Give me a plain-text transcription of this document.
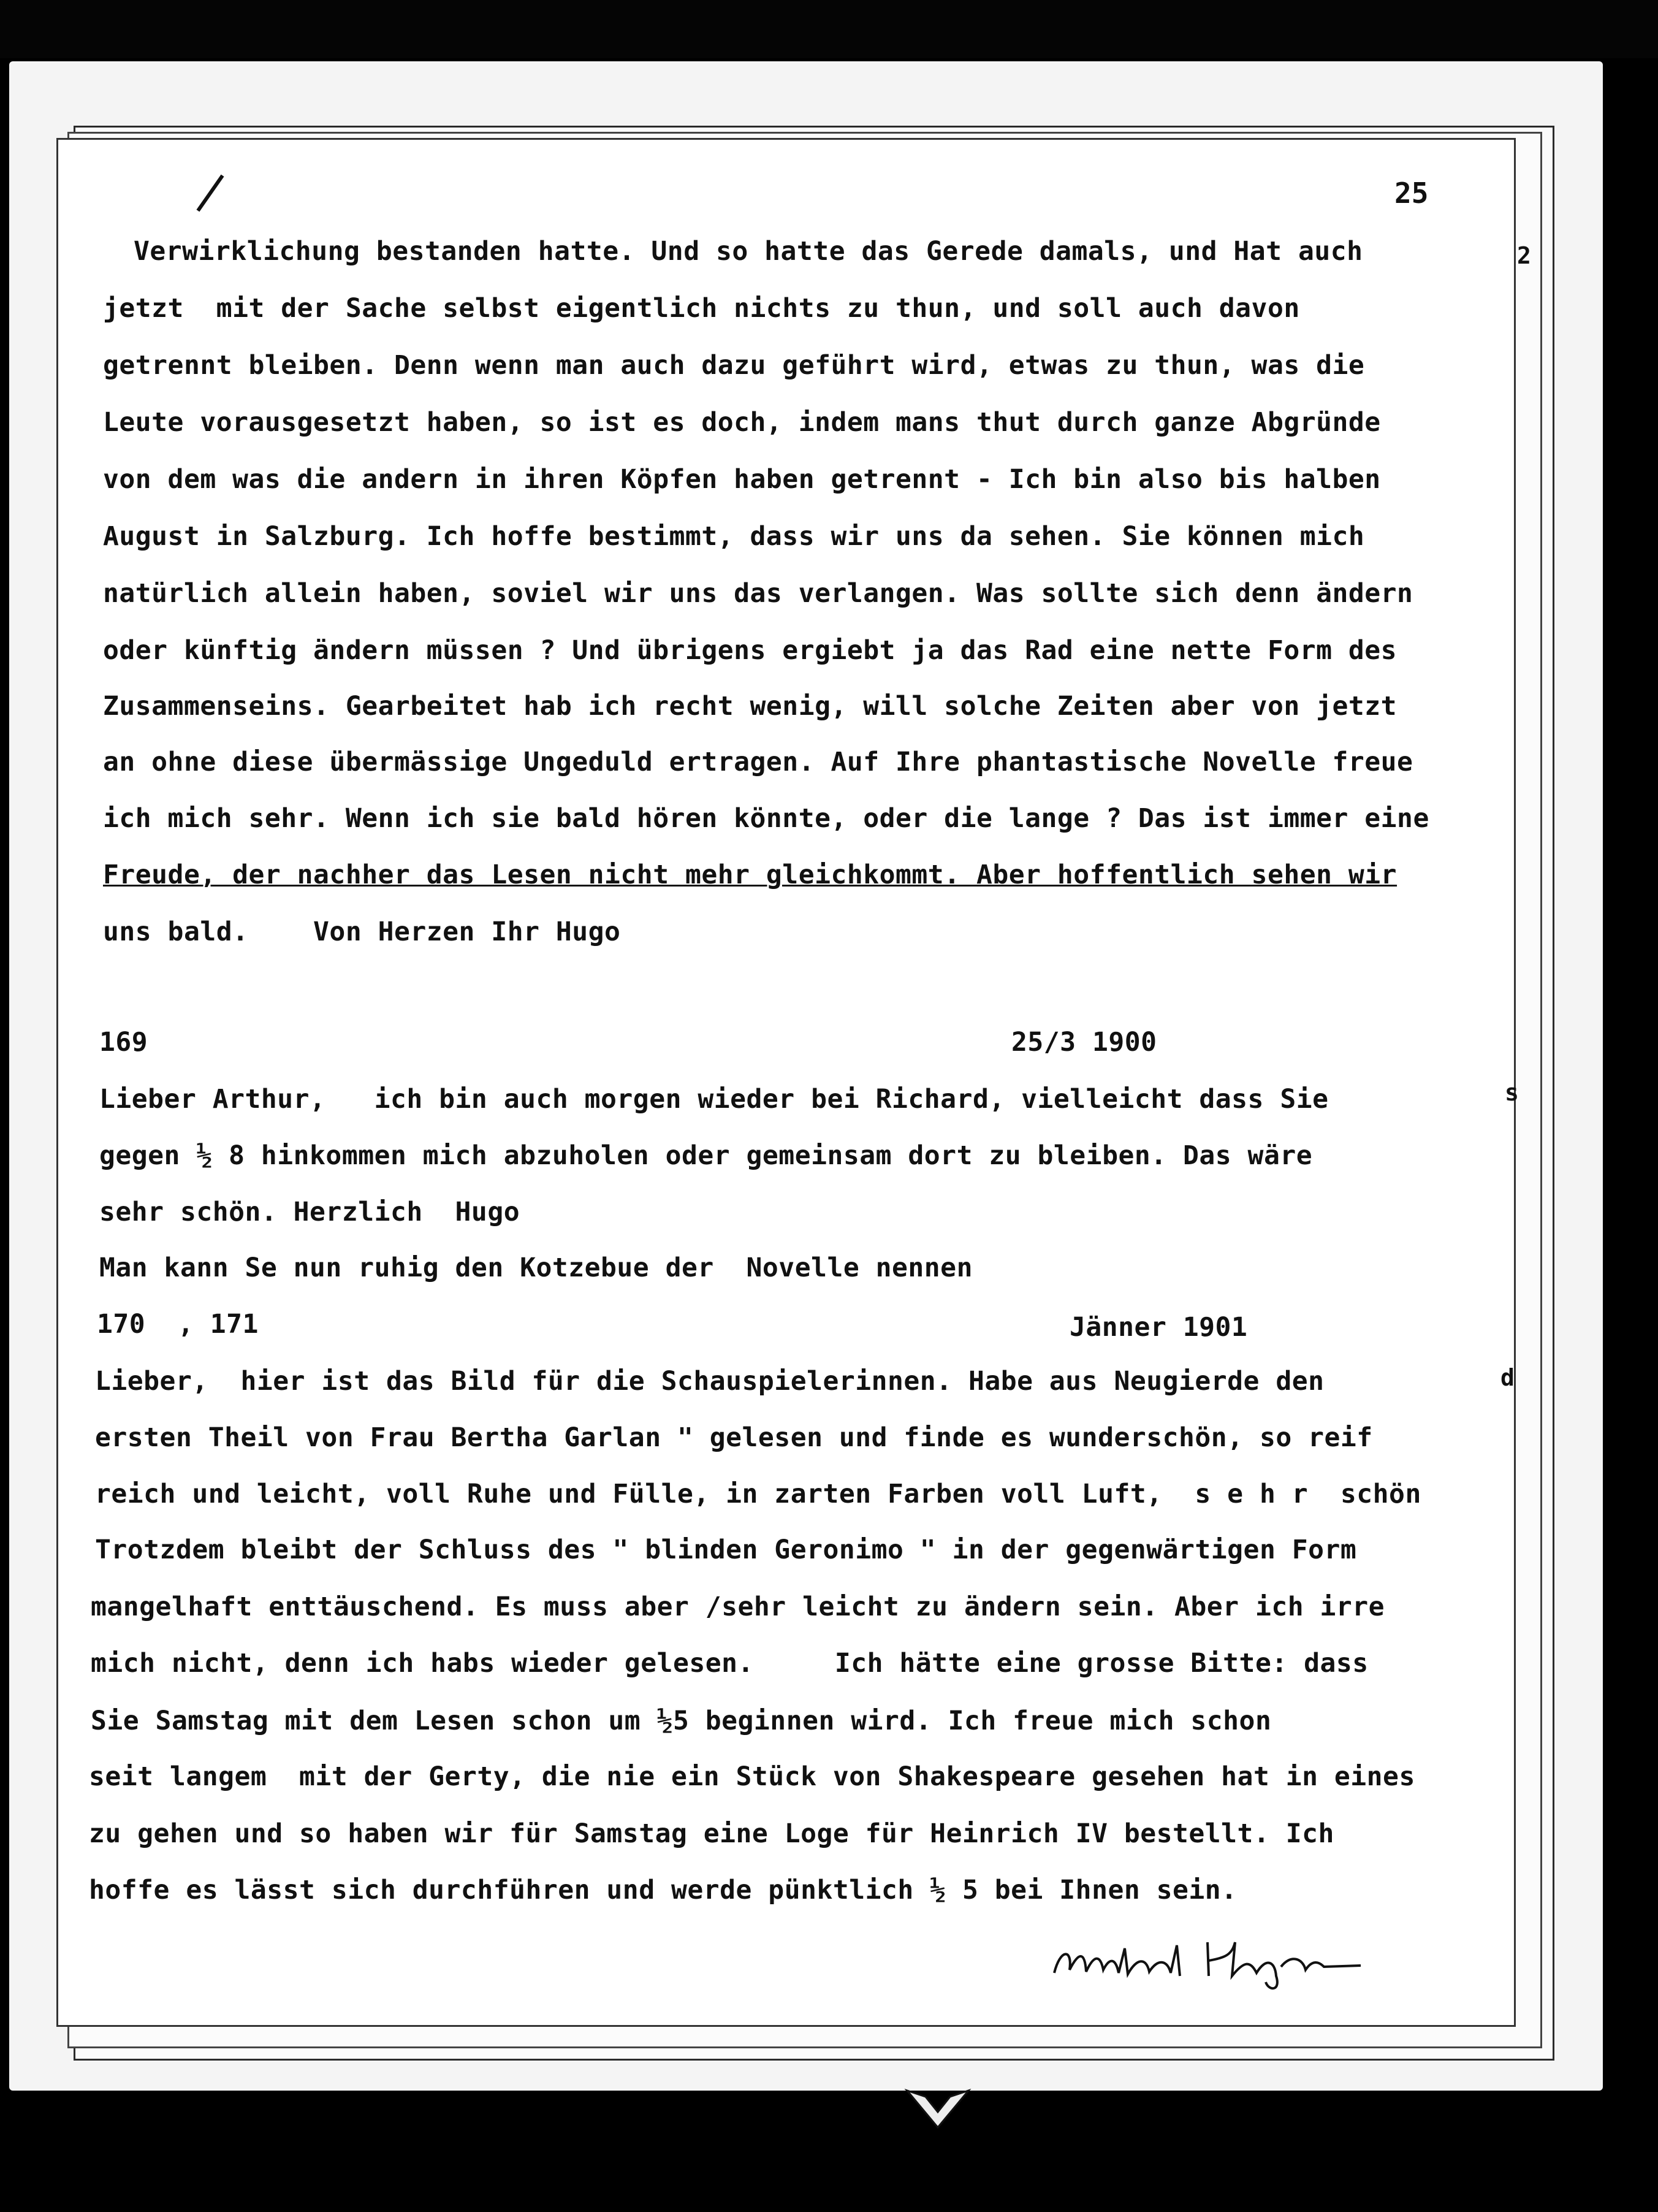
25
2
s
d
Verwirklichung bestanden hatte. Und so hatte das Gerede damals, und Hat auch
jetzt  mit der Sache selbst eigentlich nichts zu thun, und soll auch davon
getrennt bleiben. Denn wenn man auch dazu geführt wird, etwas zu thun, was die
Leute vorausgesetzt haben, so ist es doch, indem mans thut durch ganze Abgründe
von dem was die andern in ihren Köpfen haben getrennt - Ich bin also bis halben
August in Salzburg. Ich hoffe bestimmt, dass wir uns da sehen. Sie können mich
natürlich allein haben, soviel wir uns das verlangen. Was sollte sich denn ändern
oder künftig ändern müssen ? Und übrigens ergiebt ja das Rad eine nette Form des
Zusammenseins. Gearbeitet hab ich recht wenig, will solche Zeiten aber von jetzt
an ohne diese übermässige Ungeduld ertragen. Auf Ihre phantastische Novelle freue
ich mich sehr. Wenn ich sie bald hören könnte, oder die lange ? Das ist immer eine
Freude, der nachher das Lesen nicht mehr gleichkommt. Aber hoffentlich sehen wir
uns bald.    Von Herzen Ihr Hugo
169	25/3 1900
Lieber Arthur,   ich bin auch morgen wieder bei Richard, vielleicht dass Sie
gegen ½ 8 hinkommen mich abzuholen oder gemeinsam dort zu bleiben. Das wäre
sehr schön. Herzlich  Hugo
Man kann Se nun ruhig den Kotzebue der  Novelle nennen
170  , 171	Jänner 1901
Lieber,  hier ist das Bild für die Schauspielerinnen. Habe aus Neugierde den
ersten Theil von Frau Bertha Garlan " gelesen und finde es wunderschön, so reif
reich und leicht, voll Ruhe und Fülle, in zarten Farben voll Luft,  s e h r  schön
Trotzdem bleibt der Schluss des " blinden Geronimo " in der gegenwärtigen Form
mangelhaft enttäuschend. Es muss aber /sehr leicht zu ändern sein. Aber ich irre
mich nicht, denn ich habs wieder gelesen.     Ich hätte eine grosse Bitte: dass
Sie Samstag mit dem Lesen schon um ½5 beginnen wird. Ich freue mich schon
seit langem  mit der Gerty, die nie ein Stück von Shakespeare gesehen hat in eines
zu gehen und so haben wir für Samstag eine Loge für Heinrich IV bestellt. Ich
hoffe es lässt sich durchführen und werde pünktlich ½ 5 bei Ihnen sein.
